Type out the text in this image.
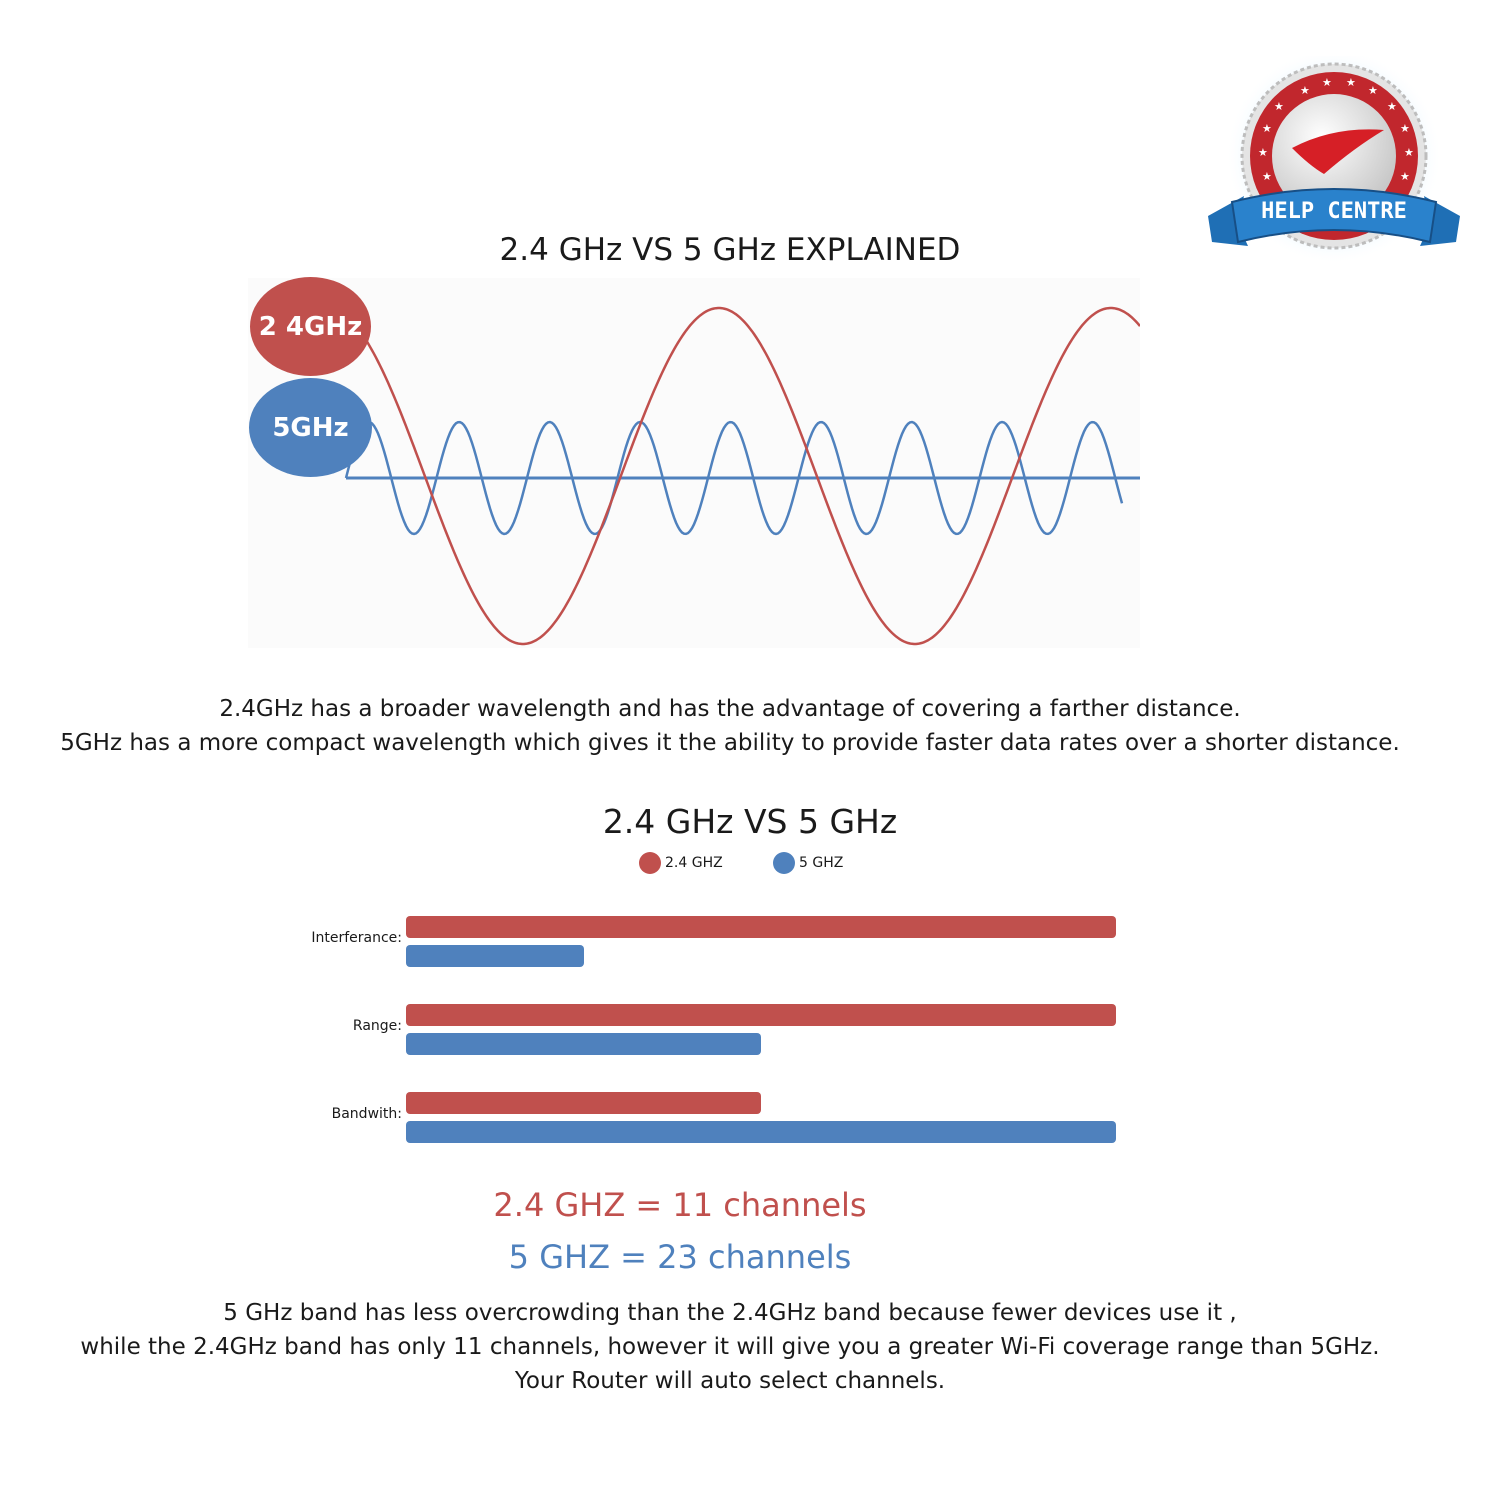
★
★ ★
★
★
★
★	★
★	★
★	★
HELP CENTRE
2.4 GHz VS 5 GHz EXPLAINED
2 4GHz
5GHz
2.4GHz has a broader wavelength and has the advantage of covering a farther distance.
5GHz has a more compact wavelength which gives it the ability to provide faster data rates over a shorter distance.
2.4 GHz VS 5 GHz
2.4 GHZ	5 GHZ
Interferance:
Range:
Bandwith:
2.4 GHZ = 11 channels
5 GHZ = 23 channels
5 GHz band has less overcrowding than the 2.4GHz band because fewer devices use it ,
while the 2.4GHz band has only 11 channels, however it will give you a greater Wi-Fi coverage range than 5GHz.
Your Router will auto select channels.
